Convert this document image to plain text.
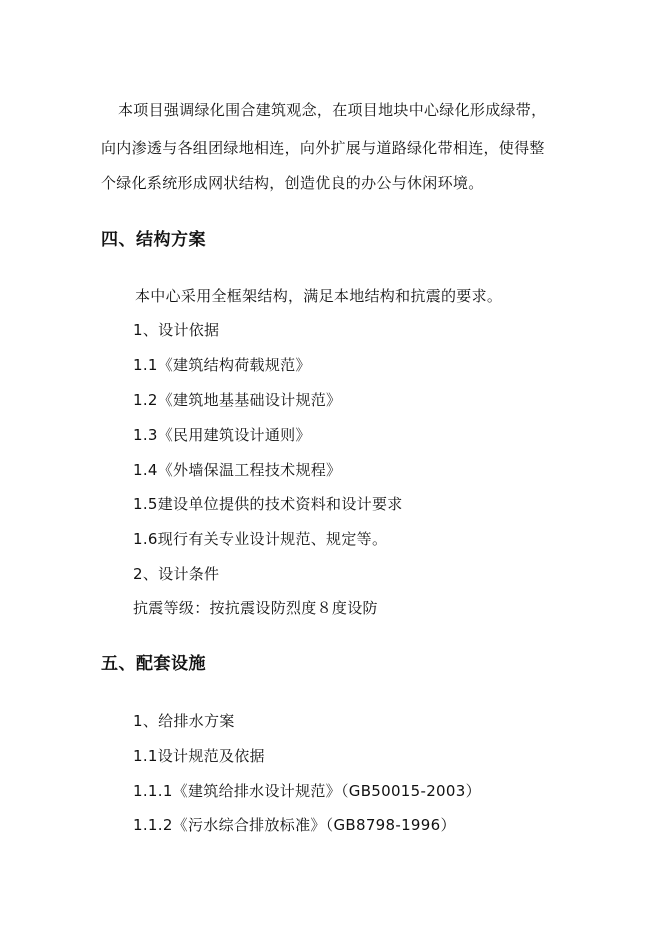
本项目强调绿化围合建筑观念，在项目地块中心绿化形成绿带，
向内渗透与各组团绿地相连，向外扩展与道路绿化带相连，使得整
个绿化系统形成网状结构，创造优良的办公与休闲环境。
四、结构方案
本中心采用全框架结构，满足本地结构和抗震的要求。
1、设计依据
1.1《建筑结构荷载规范》
1.2《建筑地基基础设计规范》
1.3《民用建筑设计通则》
1.4《外墙保温工程技术规程》
1.5建设单位提供的技术资料和设计要求
1.6现行有关专业设计规范、规定等。
2、设计条件
抗震等级：按抗震设防烈度８度设防
五、配套设施
1、给排水方案
1.1设计规范及依据
1.1.1《建筑给排水设计规范》（GB50015-2003）
1.1.2《污水综合排放标准》（GB8798-1996）
